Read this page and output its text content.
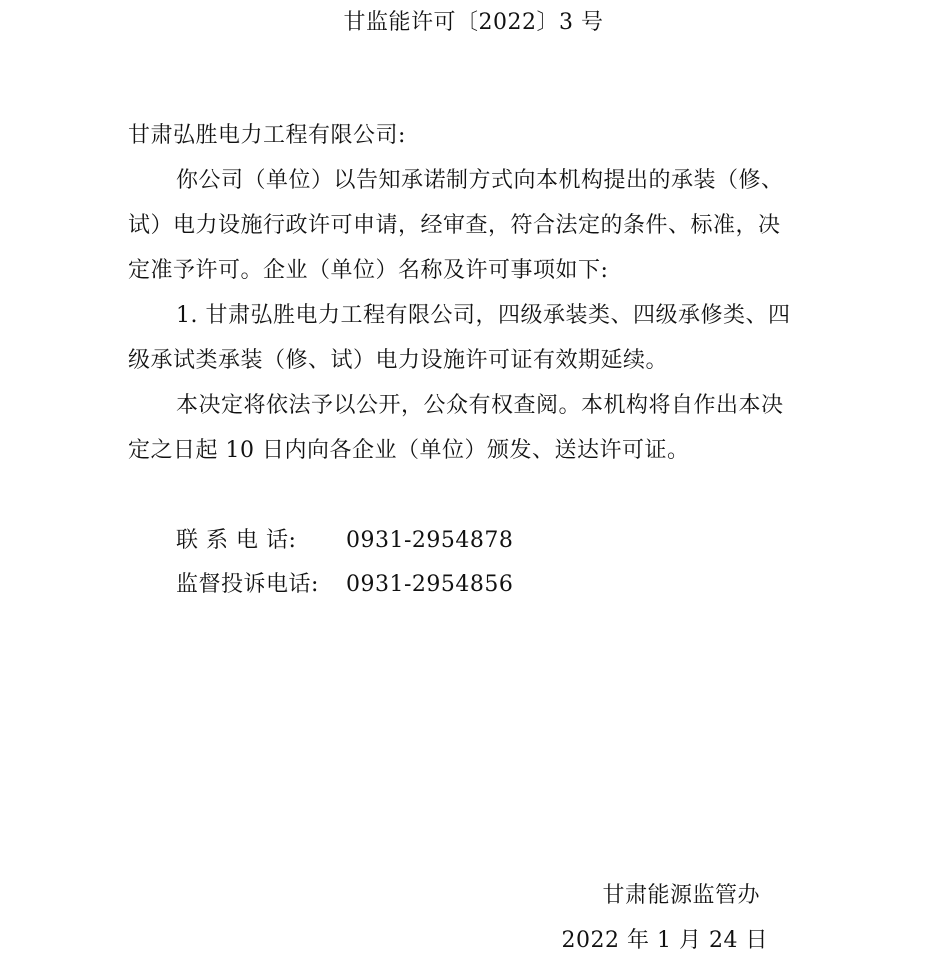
甘监能许可〔2022〕3 号
甘肃弘胜电力工程有限公司:
你公司（单位）以告知承诺制方式向本机构提出的承装（修、
试）电力设施行政许可申请，经审查，符合法定的条件、标准，决
定准予许可。企业（单位）名称及许可事项如下:
1. 甘肃弘胜电力工程有限公司，四级承装类、四级承修类、四
级承试类承装（修、试）电力设施许可证有效期延续。
本决定将依法予以公开，公众有权查阅。本机构将自作出本决
定之日起 10 日内向各企业（单位）颁发、送达许可证。
联 系 电 话: 0931-2954878
监督投诉电话: 0931-2954856
甘肃能源监管办
2022 年 1 月 24 日
